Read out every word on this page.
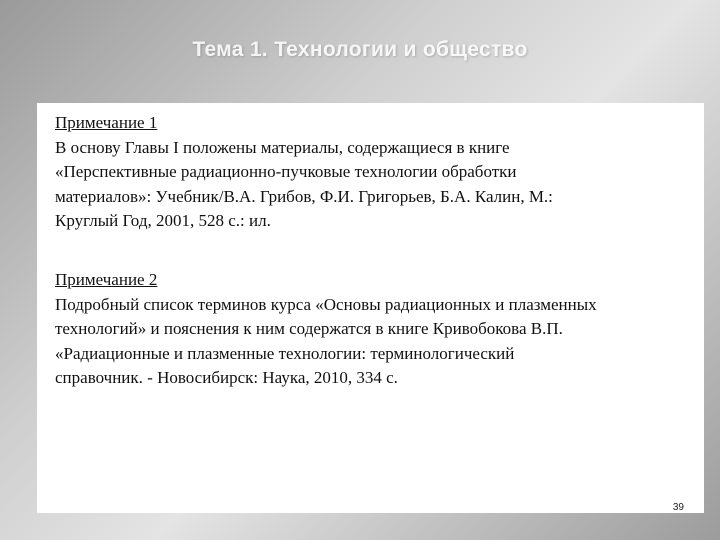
Тема 1. Технологии и общество
Примечание 1
В основу Главы I положены материалы, содержащиеся в книге
«Перспективные радиационно-пучковые технологии обработки
материалов»: Учебник/В.А. Грибов, Ф.И. Григорьев, Б.А. Калин, М.:
Круглый Год, 2001, 528 с.: ил.
Примечание 2
Подробный список терминов курса «Основы радиационных и плазменных
технологий» и пояснения к ним содержатся в книге Кривобокова В.П.
«Радиационные и плазменные технологии: терминологический
справочник. - Новосибирск: Наука, 2010, 334 с.
39
